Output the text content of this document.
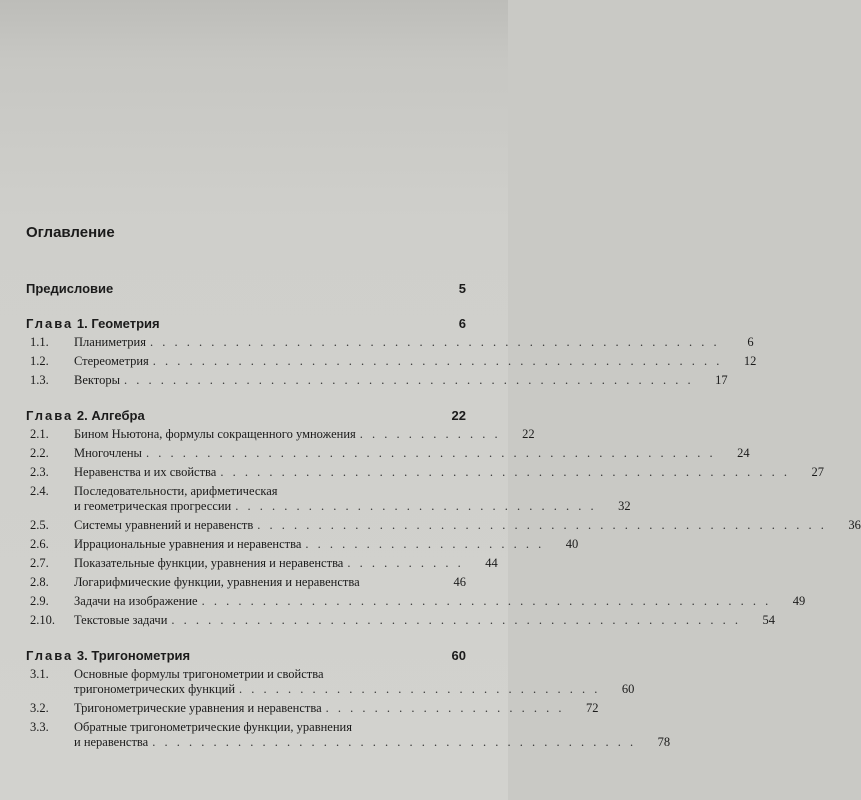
Оглавление
Предисловие	5
Глава 1. Геометрия	6
1.1.	Планиметрия . . . . . . . . . . . . . . . . . . . . . . . . . . . . . . . . . . . . . . . . . . . . . . .	6
1.2.	Стереометрия . . . . . . . . . . . . . . . . . . . . . . . . . . . . . . . . . . . . . . . . . . . . . . .	12
1.3.	Векторы . . . . . . . . . . . . . . . . . . . . . . . . . . . . . . . . . . . . . . . . . . . . . . .	17
Глава 2. Алгебра	22
2.1.	Бином Ньютона, формулы сокращенного умножения . . . . . . . . . . . .	22
2.2.	Многочлены . . . . . . . . . . . . . . . . . . . . . . . . . . . . . . . . . . . . . . . . . . . . . . .	24
2.3.	Неравенства и их свойства . . . . . . . . . . . . . . . . . . . . . . . . . . . . . . . . . . . . . . . . . . . . . . .	27
2.4.	Последовательности, арифметическая
и геометрическая прогрессии . . . . . . . . . . . . . . . . . . . . . . . . . . . . . .	32
2.5.	Системы уравнений и неравенств . . . . . . . . . . . . . . . . . . . . . . . . . . . . . . . . . . . . . . . . . . . . . . .	36
2.6.	Иррациональные уравнения и неравенства . . . . . . . . . . . . . . . . . . . .	40
2.7.	Показательные функции, уравнения и неравенства . . . . . . . . . .	44
2.8.	Логарифмические функции, уравнения и неравенства	46
2.9.	Задачи на изображение . . . . . . . . . . . . . . . . . . . . . . . . . . . . . . . . . . . . . . . . . . . . . . .	49
2.10.	Текстовые задачи . . . . . . . . . . . . . . . . . . . . . . . . . . . . . . . . . . . . . . . . . . . . . . .	54
Глава 3. Тригонометрия	60
3.1.	Основные формулы тригонометрии и свойства
тригонометрических функций . . . . . . . . . . . . . . . . . . . . . . . . . . . . . .	60
3.2.	Тригонометрические уравнения и неравенства . . . . . . . . . . . . . . . . . . . .	72
3.3.	Обратные тригонометрические функции, уравнения
и неравенства . . . . . . . . . . . . . . . . . . . . . . . . . . . . . . . . . . . . . . . .	78
